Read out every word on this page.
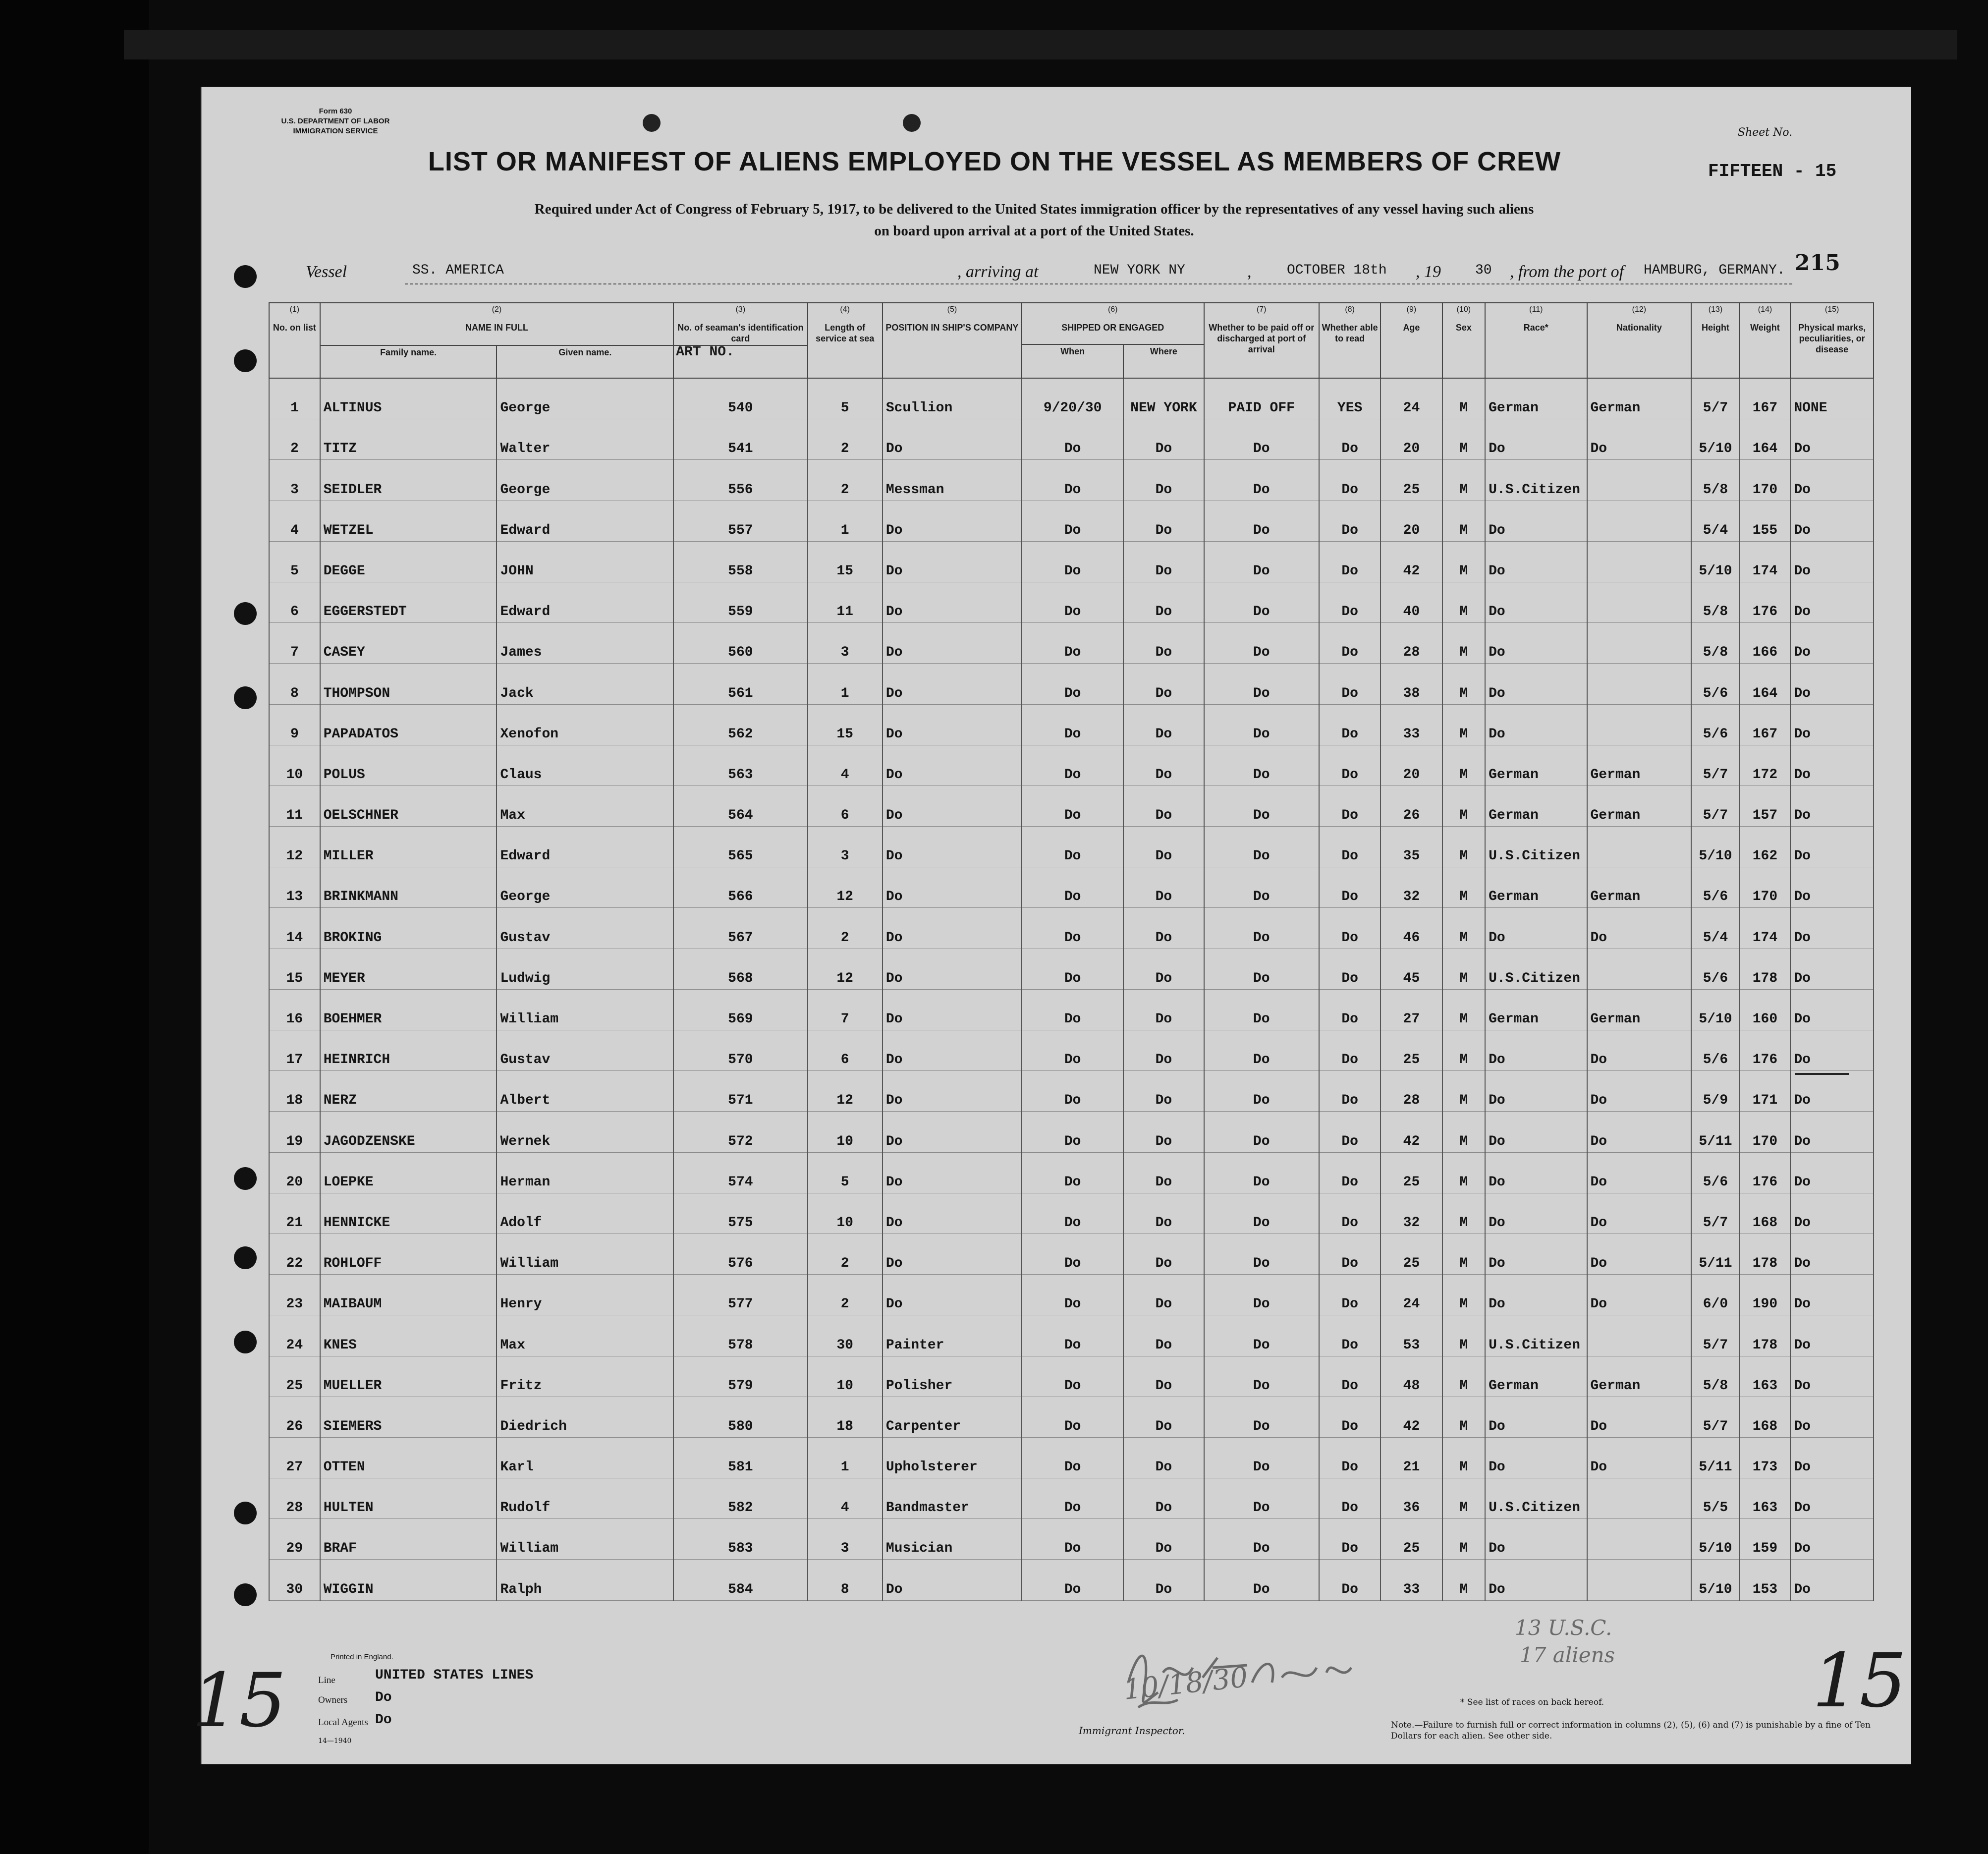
Form 630
U.S. DEPARTMENT OF LABOR
IMMIGRATION SERVICE	Sheet No.
LIST OR MANIFEST OF ALIENS EMPLOYED ON THE VESSEL AS MEMBERS OF CREW	FIFTEEN - 15
Required under Act of Congress of February 5, 1917, to be delivered to the United States immigration officer by the representatives of any vessel having such aliens
on board upon arrival at a port of the United States.
Vessel	SS. AMERICA	, arriving at	NEW YORK NY	,	OCTOBER 18th , 19 30 , from the port of HAMBURG, GERMANY. 215
(1)
No. on list	(2)
NAME IN FULL		(3)
No. of seaman's identification card	(4)
Length of service at sea	(5)
POSITION IN SHIP'S COMPANY	(6)
SHIPPED OR ENGAGED		(7)
Whether to be paid off or discharged at port of arrival	(8)
Whether able to read	(9)
Age	(10)
Sex	(11)
Race*	(12)
Nationality	(13)
Height	(14)
Weight	(15)
Physical marks, peculiarities, or disease
						When	Where									
	Family name.	Given name.	ART NO.													
1	ALTINUS	George	540	5	Scullion	9/20/30	NEW YORK	PAID OFF	YES	24	M	German	German	5/7	167	NONE
2	TITZ	Walter	541	2	Do	Do	Do	Do	Do	20	M	Do	Do	5/10	164	Do
3	SEIDLER	George	556	2	Messman	Do	Do	Do	Do	25	M	U.S.Citizen		5/8	170	Do
4	WETZEL	Edward	557	1	Do	Do	Do	Do	Do	20	M	Do		5/4	155	Do
5	DEGGE	JOHN	558	15	Do	Do	Do	Do	Do	42	M	Do		5/10	174	Do
6	EGGERSTEDT	Edward	559	11	Do	Do	Do	Do	Do	40	M	Do		5/8	176	Do
7	CASEY	James	560	3	Do	Do	Do	Do	Do	28	M	Do		5/8	166	Do
8	THOMPSON	Jack	561	1	Do	Do	Do	Do	Do	38	M	Do		5/6	164	Do
9	PAPADATOS	Xenofon	562	15	Do	Do	Do	Do	Do	33	M	Do		5/6	167	Do
10	POLUS	Claus	563	4	Do	Do	Do	Do	Do	20	M	German	German	5/7	172	Do
11	OELSCHNER	Max	564	6	Do	Do	Do	Do	Do	26	M	German	German	5/7	157	Do
12	MILLER	Edward	565	3	Do	Do	Do	Do	Do	35	M	U.S.Citizen		5/10	162	Do
13	BRINKMANN	George	566	12	Do	Do	Do	Do	Do	32	M	German	German	5/6	170	Do
14	BROKING	Gustav	567	2	Do	Do	Do	Do	Do	46	M	Do	Do	5/4	174	Do
15	MEYER	Ludwig	568	12	Do	Do	Do	Do	Do	45	M	U.S.Citizen		5/6	178	Do
16	BOEHMER	William	569	7	Do	Do	Do	Do	Do	27	M	German	German	5/10	160	Do
17	HEINRICH	Gustav	570	6	Do	Do	Do	Do	Do	25	M	Do	Do	5/6	176	Do
18	NERZ	Albert	571	12	Do	Do	Do	Do	Do	28	M	Do	Do	5/9	171	Do
19	JAGODZENSKE	Wernek	572	10	Do	Do	Do	Do	Do	42	M	Do	Do	5/11	170	Do
20	LOEPKE	Herman	574	5	Do	Do	Do	Do	Do	25	M	Do	Do	5/6	176	Do
21	HENNICKE	Adolf	575	10	Do	Do	Do	Do	Do	32	M	Do	Do	5/7	168	Do
22	ROHLOFF	William	576	2	Do	Do	Do	Do	Do	25	M	Do	Do	5/11	178	Do
23	MAIBAUM	Henry	577	2	Do	Do	Do	Do	Do	24	M	Do	Do	6/0	190	Do
24	KNES	Max	578	30	Painter	Do	Do	Do	Do	53	M	U.S.Citizen		5/7	178	Do
25	MUELLER	Fritz	579	10	Polisher	Do	Do	Do	Do	48	M	German	German	5/8	163	Do
26	SIEMERS	Diedrich	580	18	Carpenter	Do	Do	Do	Do	42	M	Do	Do	5/7	168	Do
27	OTTEN	Karl	581	1	Upholsterer	Do	Do	Do	Do	21	M	Do	Do	5/11	173	Do
28	HULTEN	Rudolf	582	4	Bandmaster	Do	Do	Do	Do	36	M	U.S.Citizen		5/5	163	Do
29	BRAF	William	583	3	Musician	Do	Do	Do	Do	25	M	Do		5/10	159	Do
30	WIGGIN	Ralph	584	8	Do	Do	Do	Do	Do	33	M	Do		5/10	153	Do
Printed in England.
Line	UNITED STATES LINES
Owners Do
Local Agents Do
14—1940
Immigrant Inspector.
* See list of races on back hereof.
Note.—Failure to furnish full or correct information in columns (2), (5), (6) and (7) is punishable by a fine of Ten Dollars for each alien. See other side.
15	15
10/18/30
13 U.S.C.
17 aliens
